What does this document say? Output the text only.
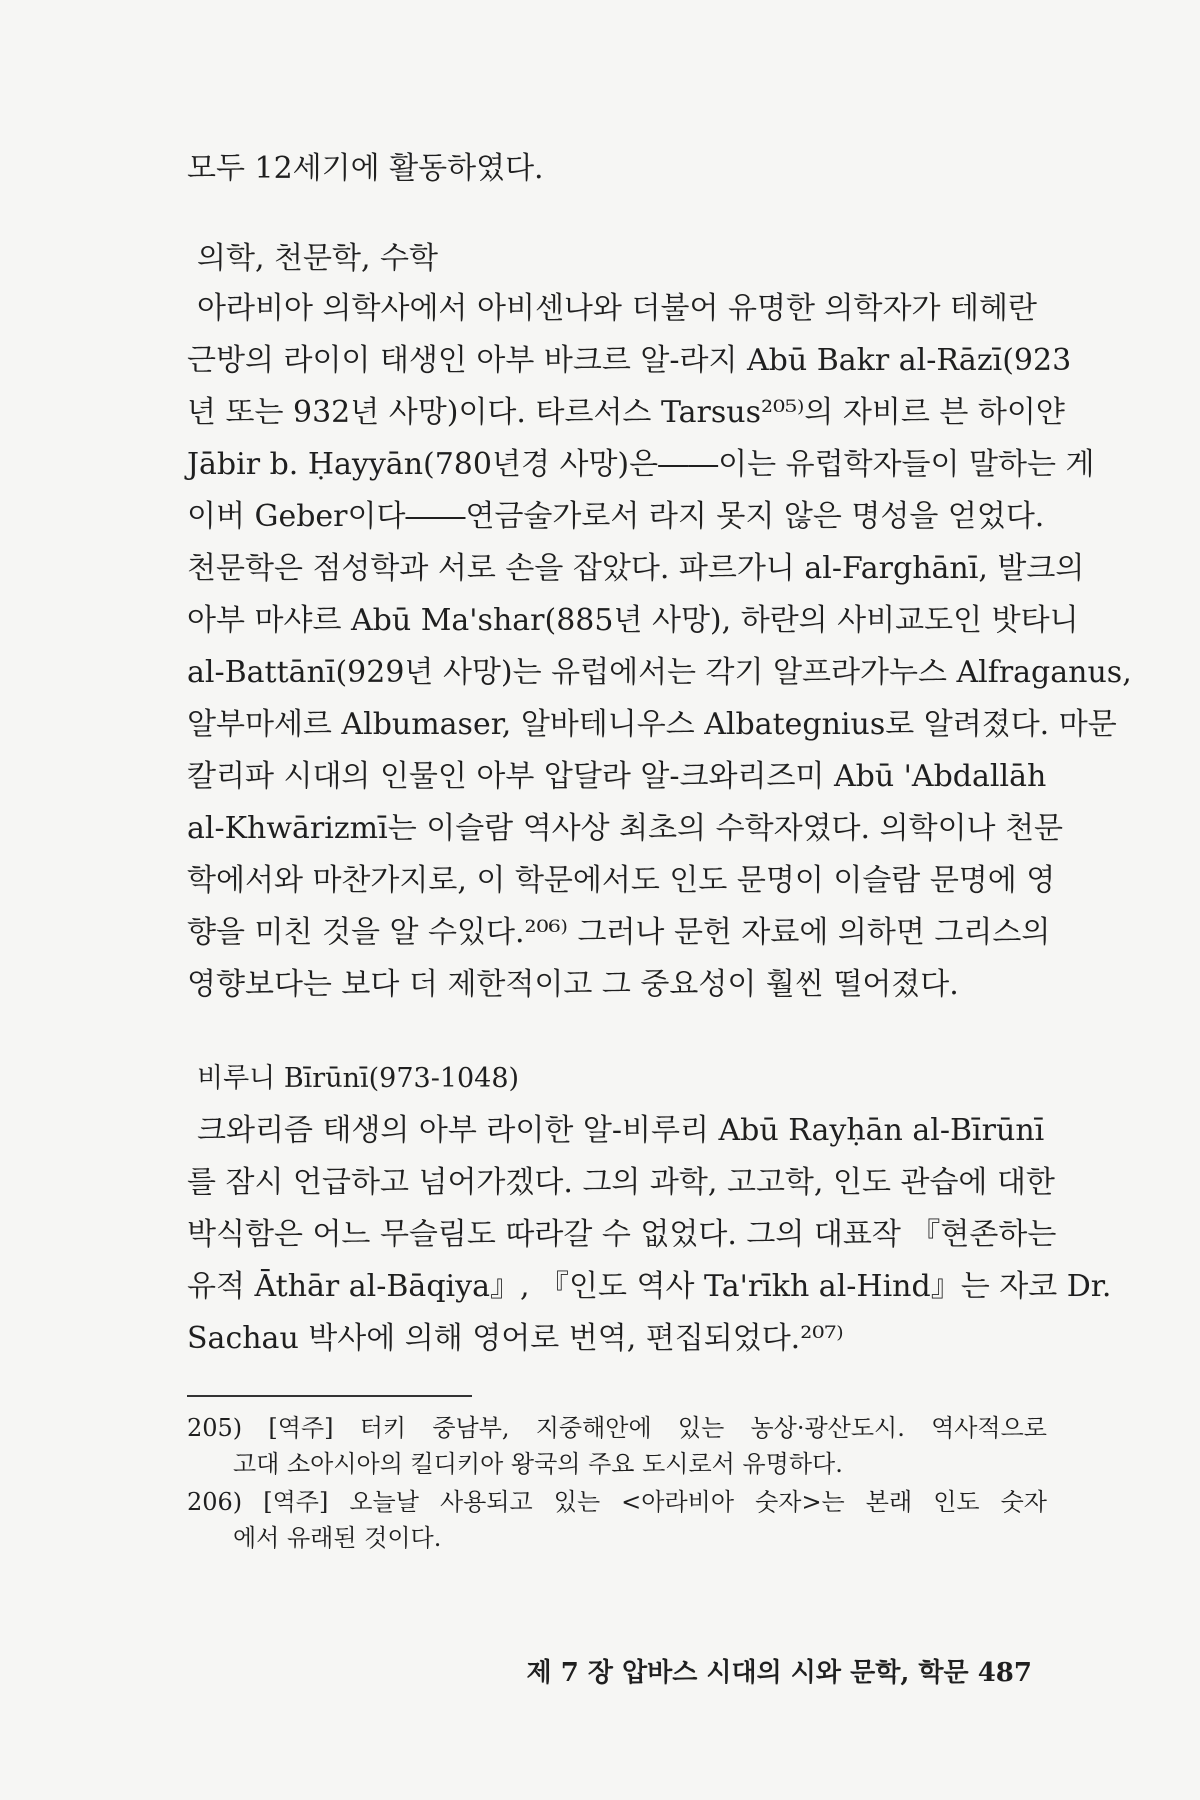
모두 12세기에 활동하였다.
의학, 천문학, 수학
아라비아 의학사에서 아비센나와 더불어 유명한 의학자가 테헤란
근방의 라이이 태생인 아부 바크르 알-라지 Abū Bakr al-Rāzī(923
년 또는 932년 사망)이다. 타르서스 Tarsus²⁰⁵⁾의 자비르 븐 하이얀
Jābir b. Ḥayyān(780년경 사망)은――이는 유럽학자들이 말하는 게
이버 Geber이다――연금술가로서 라지 못지 않은 명성을 얻었다.
천문학은 점성학과 서로 손을 잡았다. 파르가니 al-Farghānī, 발크의
아부 마샤르 Abū Ma'shar(885년 사망), 하란의 사비교도인 밧타니
al-Battānī(929년 사망)는 유럽에서는 각기 알프라가누스 Alfraganus,
알부마세르 Albumaser, 알바테니우스 Albategnius로 알려졌다. 마문
칼리파 시대의 인물인 아부 압달라 알-크와리즈미 Abū 'Abdallāh
al-Khwārizmī는 이슬람 역사상 최초의 수학자였다. 의학이나 천문
학에서와 마찬가지로, 이 학문에서도 인도 문명이 이슬람 문명에 영
향을 미친 것을 알 수있다.²⁰⁶⁾ 그러나 문헌 자료에 의하면 그리스의
영향보다는 보다 더 제한적이고 그 중요성이 훨씬 떨어졌다.
비루니 Bīrūnī(973-1048)
크와리즘 태생의 아부 라이한 알-비루리 Abū Rayḥān al-Bīrūnī
를 잠시 언급하고 넘어가겠다. 그의 과학, 고고학, 인도 관습에 대한
박식함은 어느 무슬림도 따라갈 수 없었다. 그의 대표작 『현존하는
유적 Āthār al-Bāqiya』, 『인도 역사 Ta'rīkh al-Hind』는 자코 Dr.
Sachau 박사에 의해 영어로 번역, 편집되었다.²⁰⁷⁾
205) [역주] 터키 중남부, 지중해안에 있는 농상·광산도시. 역사적으로
고대 소아시아의 킬디키아 왕국의 주요 도시로서 유명하다.
206) [역주] 오늘날 사용되고 있는 <아라비아 숫자>는 본래 인도 숫자
에서 유래된 것이다.
제 7 장 압바스 시대의 시와 문학, 학문 487
